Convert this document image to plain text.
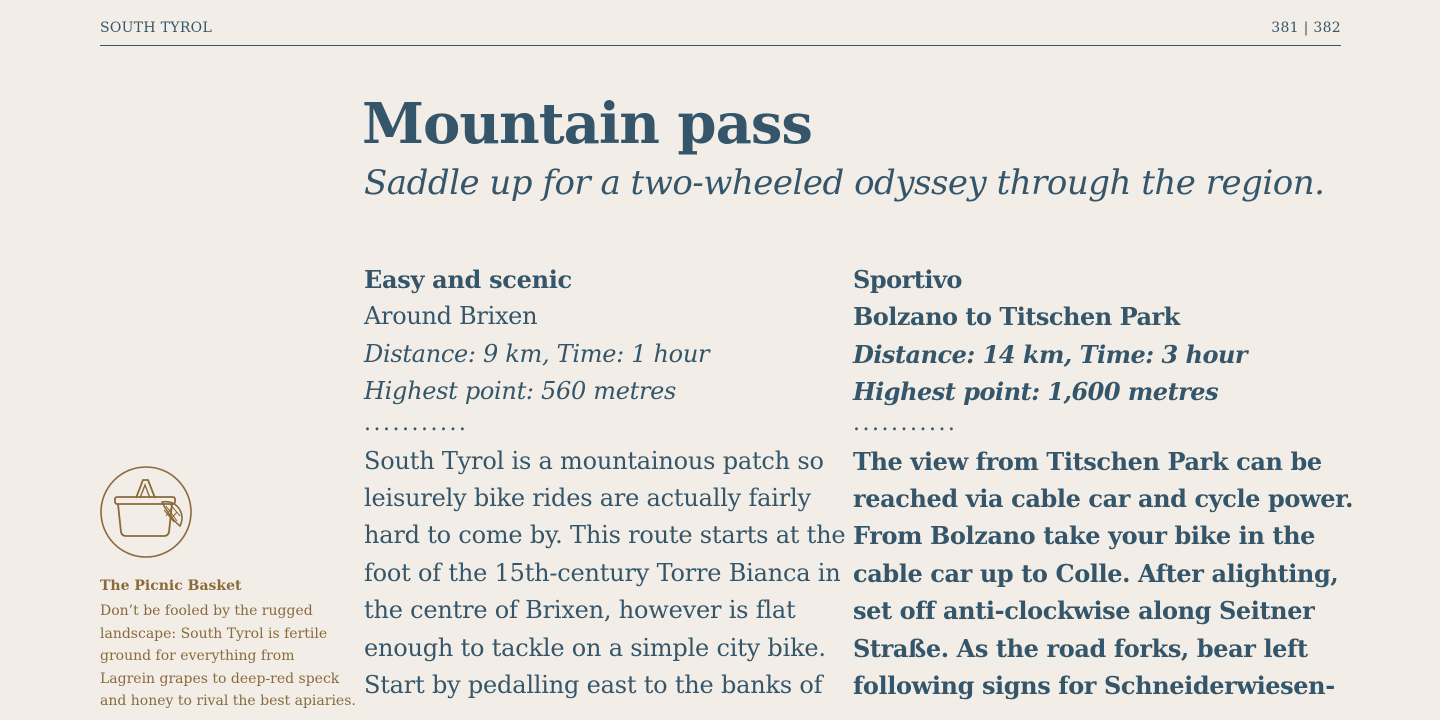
SOUTH TYROL	381 | 382
Mountain pass

Saddle up for a two-wheeled odyssey through the region.

Easy and scenic
Around Brixen
Distance: 9 km, Time: 1 hour
Highest point: 560 metres
...........
South Tyrol is a mountainous patch so
leisurely bike rides are actually fairly
hard to come by. This route starts at the
foot of the 15th-century Torre Bianca in
the centre of Brixen, however is flat
enough to tackle on a simple city bike.
Start by pedalling east to the banks of
Sportivo
Bolzano to Titschen Park
Distance: 14 km, Time: 3 hour
Highest point: 1,600 metres
...........
The view from Titschen Park can be
reached via cable car and cycle power.
From Bolzano take your bike in the
cable car up to Colle. After alighting,
set off anti-clockwise along Seitner
Straße. As the road forks, bear left
following signs for Schneiderwiesen-
The Picnic Basket
Don’t be fooled by the rugged
landscape: South Tyrol is fertile
ground for everything from
Lagrein grapes to deep-red speck
and honey to rival the best apiaries.
